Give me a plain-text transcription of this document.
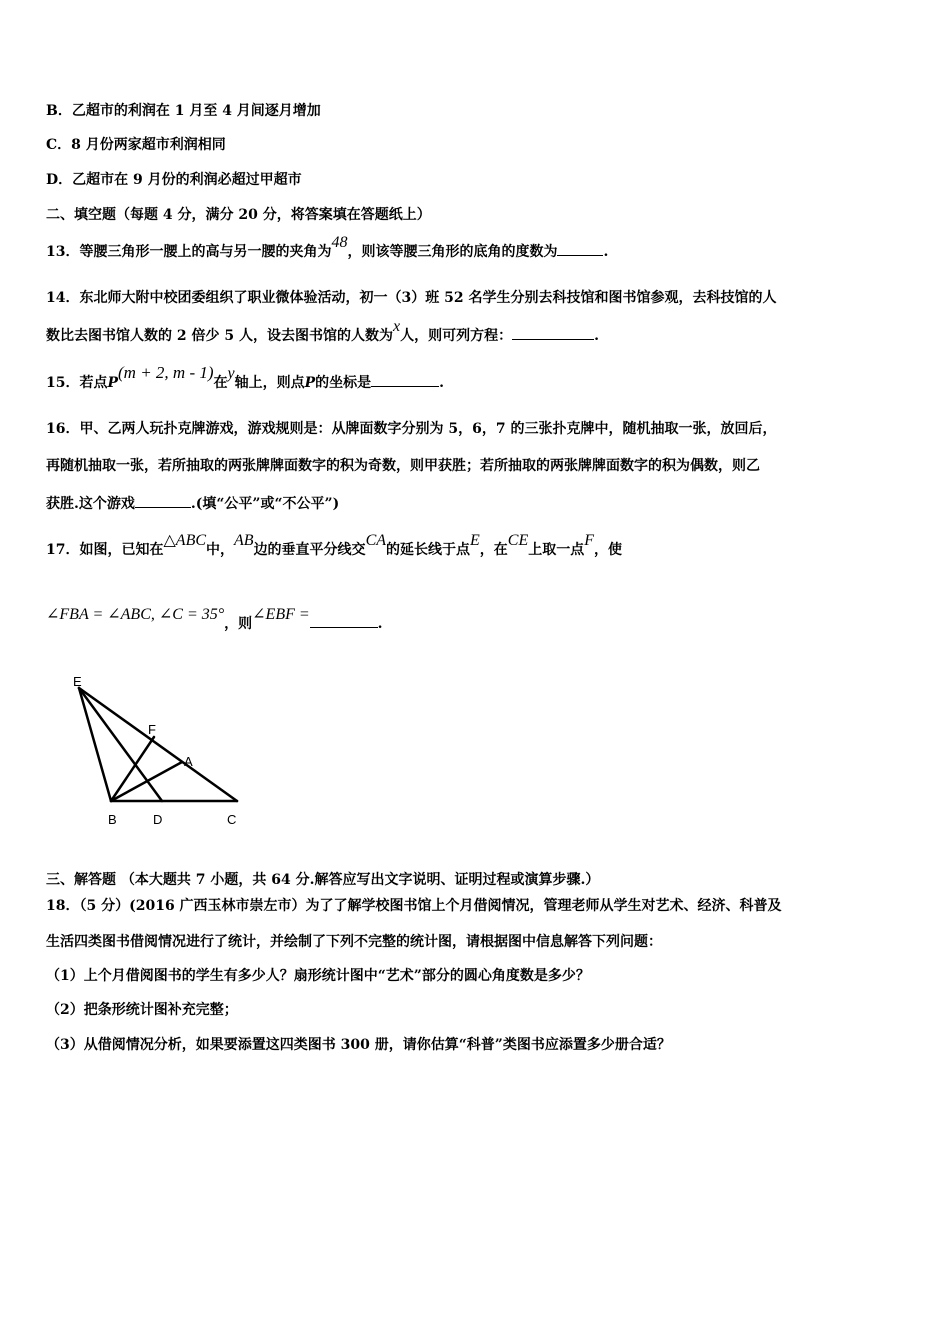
B．乙超市的利润在 1 月至 4 月间逐月增加
C．8 月份两家超市利润相同
D．乙超市在 9 月份的利润必超过甲超市
二、填空题（每题 4 分，满分 20 分，将答案填在答题纸上）
13．等腰三角形一腰上的高与另一腰的夹角为48，则该等腰三角形的底角的度数为	.
14．东北师大附中校团委组织了职业微体验活动，初一（3）班 52 名学生分别去科技馆和图书馆参观，去科技馆的人
数比去图书馆人数的 2 倍少 5 人，设去图书馆的人数为x人，则可列方程：	.
15．若点P(m + 2, m - 1)在y轴上，则点P的坐标是	.
16．甲、乙两人玩扑克牌游戏，游戏规则是：从牌面数字分别为 5，6，7 的三张扑克牌中，随机抽取一张，放回后，
再随机抽取一张，若所抽取的两张牌牌面数字的积为奇数，则甲获胜；若所抽取的两张牌牌面数字的积为偶数，则乙
获胜.这个游戏	.(填“公平”或“不公平”)
17．如图，已知在△ABC中，AB边的垂直平分线交CA的延长线于点E，在CE上取一点F，使
∠FBA = ∠ABC, ∠C = 35°，则∠EBF =.
E
F
A
B	D	C
三、解答题 （本大题共 7 小题，共 64 分.解答应写出文字说明、证明过程或演算步骤.）
18．（5 分）(2016 广西玉林市崇左市）为了了解学校图书馆上个月借阅情况，管理老师从学生对艺术、经济、科普及
生活四类图书借阅情况进行了统计，并绘制了下列不完整的统计图，请根据图中信息解答下列问题：
（1）上个月借阅图书的学生有多少人？扇形统计图中“艺术”部分的圆心角度数是多少？
（2）把条形统计图补充完整；
（3）从借阅情况分析，如果要添置这四类图书 300 册，请你估算“科普”类图书应添置多少册合适？
